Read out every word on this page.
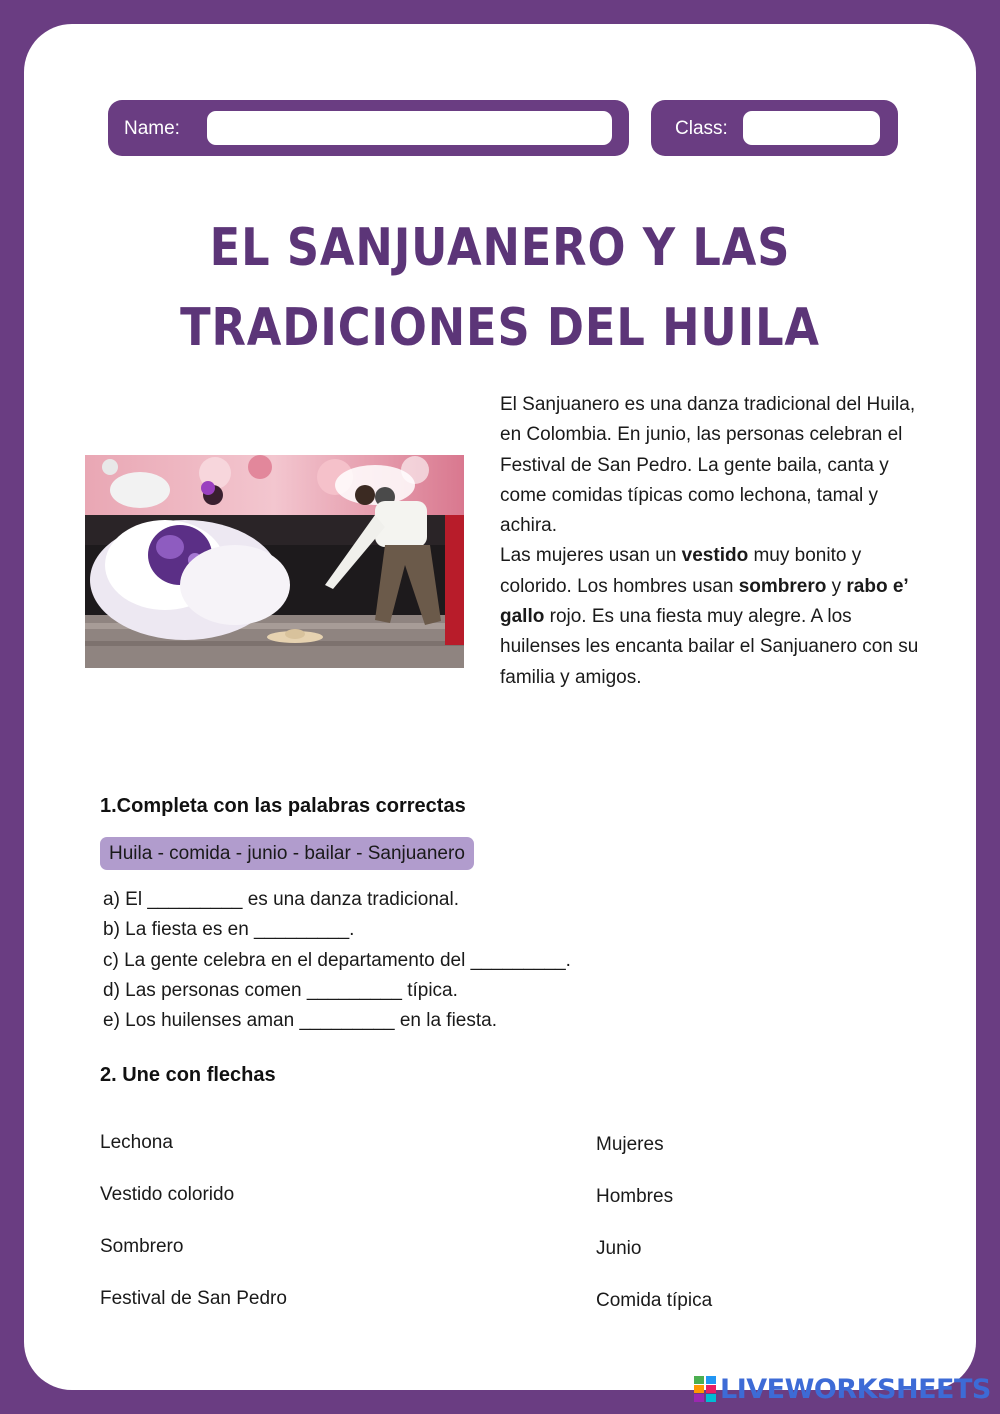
Name:	Class:
EL SANJUANERO Y LAS
TRADICIONES DEL HUILA

El Sanjuanero es una danza tradicional del Huila, en Colombia. En junio, las personas celebran el Festival de San Pedro. La gente baila, canta y come comidas típicas como lechona, tamal y achira.

Las mujeres usan un vestido muy bonito y colorido. Los hombres usan sombrero y rabo e’ gallo rojo. Es una fiesta muy alegre. A los huilenses les encanta bailar el Sanjuanero con su familia y amigos.

1.Completa con las palabras correctas
Huila - comida - junio - bailar - Sanjuanero
a) El _________ es una danza tradicional.
b) La fiesta es en _________.
c) La gente celebra en el departamento del _________.
d) Las personas comen _________ típica.
e) Los huilenses aman _________ en la fiesta.
2. Une con flechas
Lechona
Vestido colorido
Sombrero
Festival de San Pedro
Mujeres
Hombres
Junio
Comida típica
LIVEWORKSHEETS
